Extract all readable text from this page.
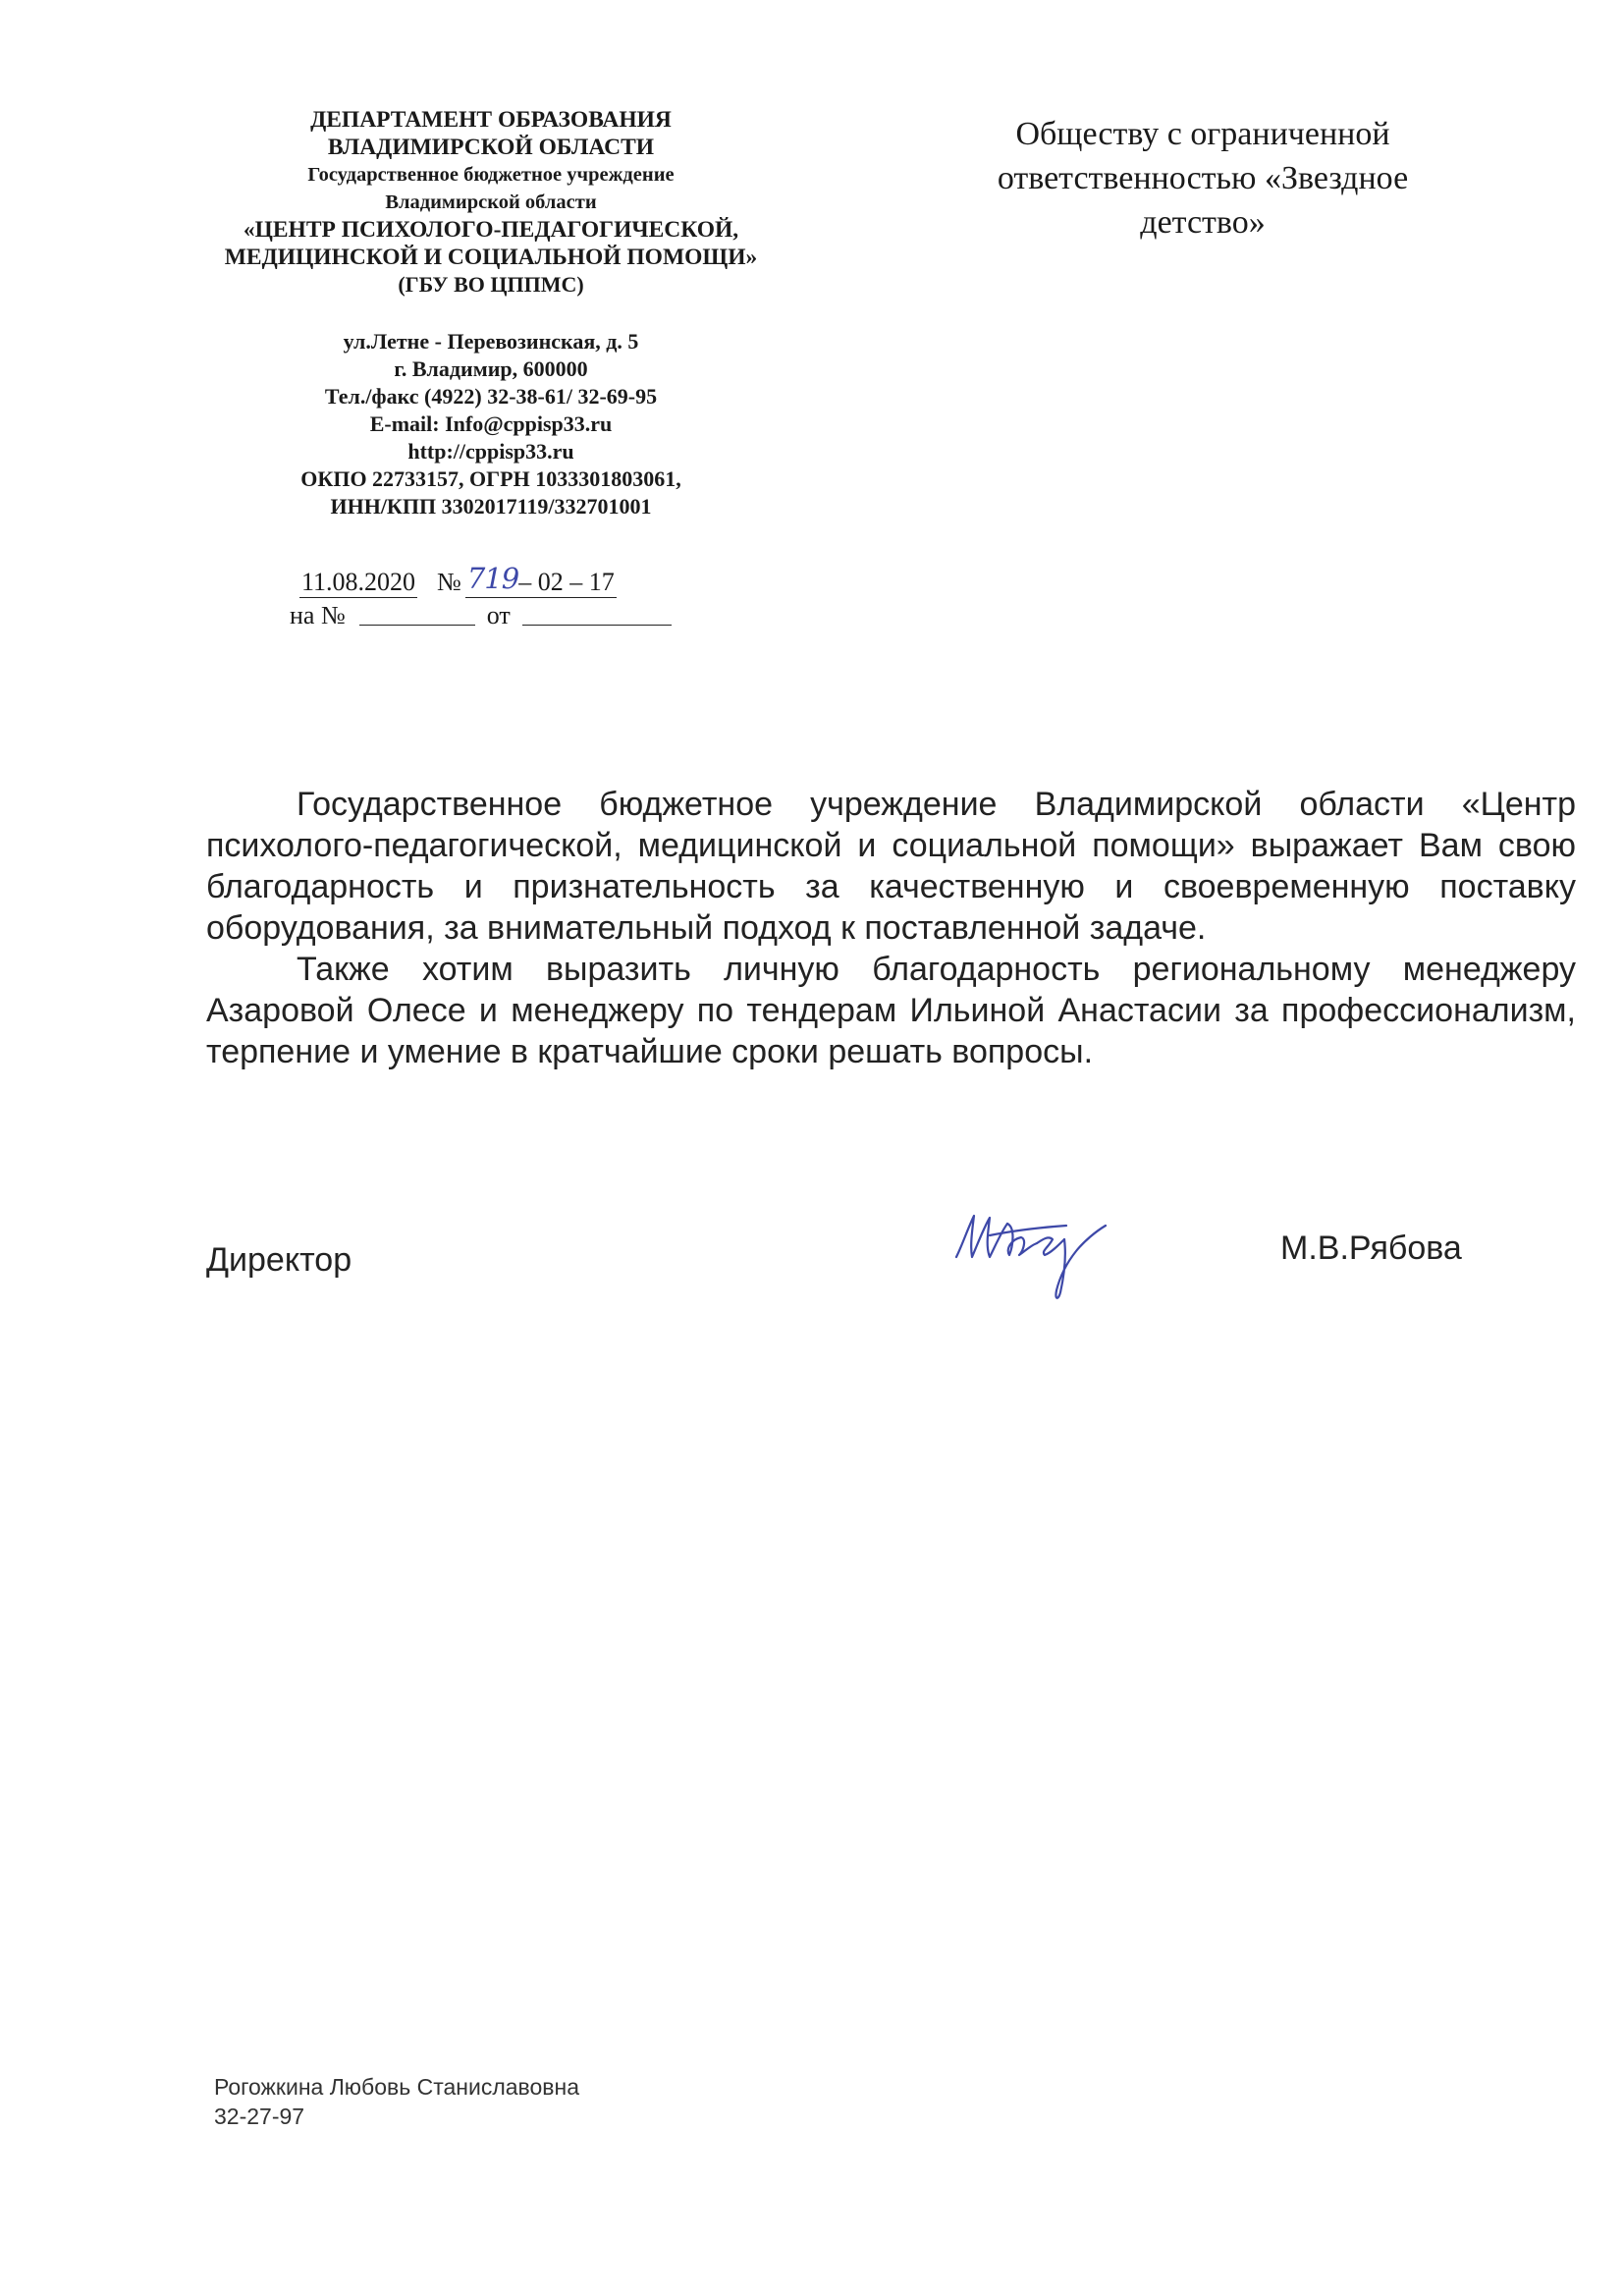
ДЕПАРТАМЕНТ ОБРАЗОВАНИЯ
ВЛАДИМИРСКОЙ ОБЛАСТИ
Государственное бюджетное учреждение
Владимирской области
«ЦЕНТР ПСИХОЛОГО-ПЕДАГОГИЧЕСКОЙ,
МЕДИЦИНСКОЙ И СОЦИАЛЬНОЙ ПОМОЩИ»
(ГБУ ВО ЦППМС)
ул.Летне - Перевозинская, д. 5
г. Владимир, 600000
Тел./факс (4922) 32-38-61/ 32-69-95
E-mail: Info@cppisp33.ru
http://cppisp33.ru
ОКПО 22733157, ОГРН 1033301803061,
ИНН/КПП 3302017119/332701001
11.08.2020 № 719– 02 – 17
на №	от
Обществу с ограниченной
ответственностью «Звездное
детство»

Государственное бюджетное учреждение Владимирской области «Центр психолого-педагогической, медицинской и социальной помощи» выражает Вам свою благодарность и признательность за качественную и своевременную поставку оборудования, за внимательный подход к поставленной задаче.

Также хотим выразить личную благодарность региональному менеджеру Азаровой Олесе и менеджеру по тендерам Ильиной Анастасии за профессионализм, терпение и умение в кратчайшие сроки решать вопросы.

Директор	М.В.Рябова
Рогожкина Любовь Станиславовна
32-27-97
